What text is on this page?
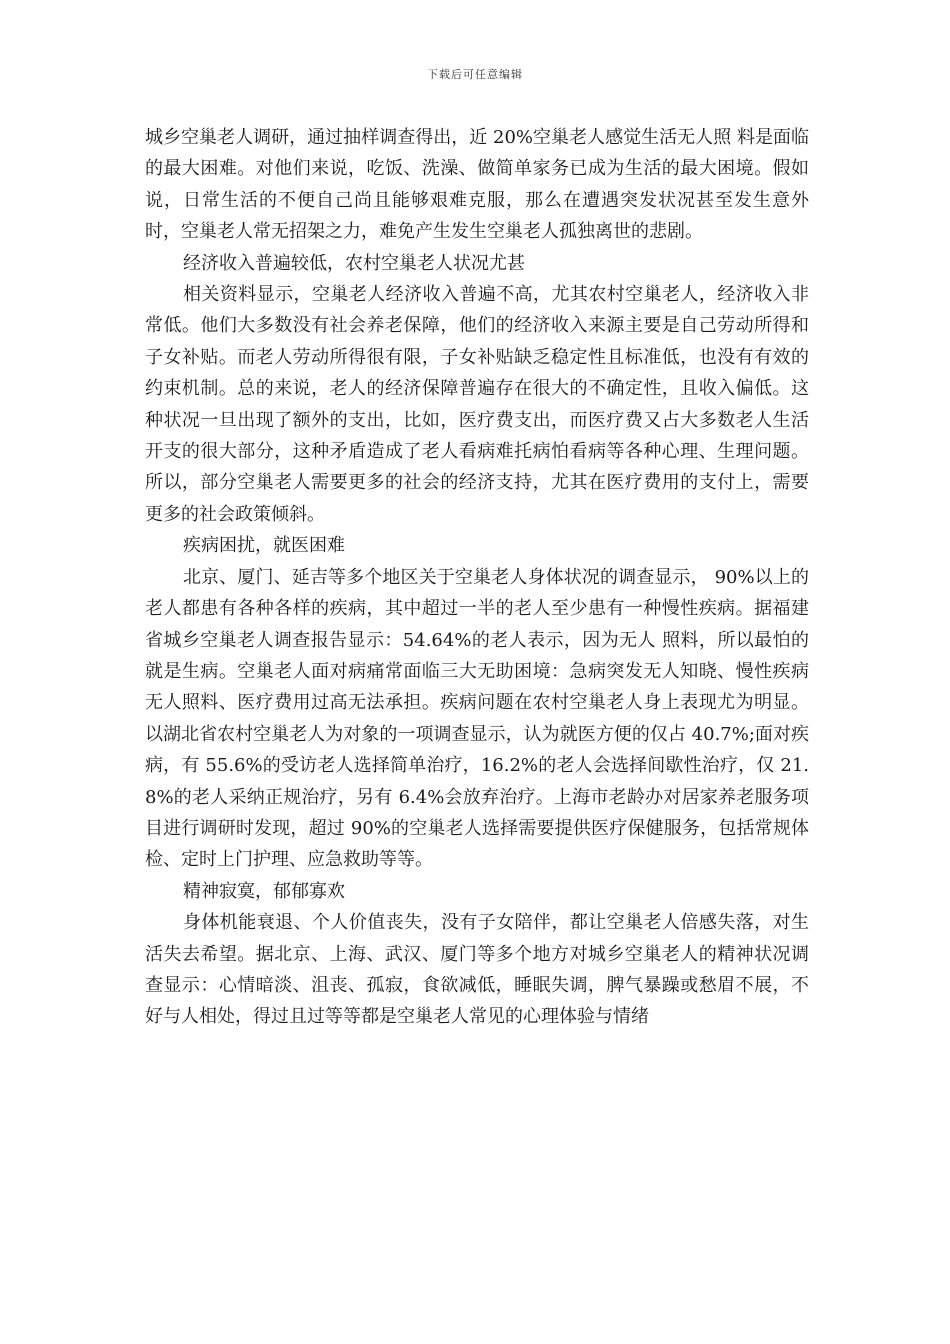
下载后可任意编辑

城乡空巢老人调研，通过抽样调查得出，近 20%空巢老人感觉生活无人照 料是面临的最大困难。对他们来说，吃饭、洗澡、做简单家务已成为生活的最大困境。假如说，日常生活的不便自己尚且能够艰难克服，那么在遭遇突发状况甚至发生意外时，空巢老人常无招架之力，难免产生发生空巢老人孤独离世的悲剧。

经济收入普遍较低，农村空巢老人状况尤甚

相关资料显示，空巢老人经济收入普遍不高，尤其农村空巢老人，经济收入非常低。他们大多数没有社会养老保障，他们的经济收入来源主要是自己劳动所得和子女补贴。而老人劳动所得很有限，子女补贴缺乏稳定性且标准低，也没有有效的约束机制。总的来说，老人的经济保障普遍存在很大的不确定性，且收入偏低。这种状况一旦出现了额外的支出，比如，医疗费支出，而医疗费又占大多数老人生活开支的很大部分，这种矛盾造成了老人看病难托病怕看病等各种心理、生理问题。所以，部分空巢老人需要更多的社会的经济支持，尤其在医疗费用的支付上，需要更多的社会政策倾斜。

疾病困扰，就医困难

北京、厦门、延吉等多个地区关于空巢老人身体状况的调查显示， 90%以上的老人都患有各种各样的疾病，其中超过一半的老人至少患有一种慢性疾病。据福建省城乡空巢老人调查报告显示：54.64%的老人表示，因为无人 照料，所以最怕的就是生病。空巢老人面对病痛常面临三大无助困境：急病突发无人知晓、慢性疾病无人照料、医疗费用过高无法承担。疾病问题在农村空巢老人身上表现尤为明显。以湖北省农村空巢老人为对象的一项调查显示，认为就医方便的仅占 40.7%;面对疾病，有 55.6%的受访老人选择简单治疗，16.2%的老人会选择间歇性治疗，仅 21.8%的老人采纳正规治疗，另有 6.4%会放弃治疗。上海市老龄办对居家养老服务项目进行调研时发现，超过 90%的空巢老人选择需要提供医疗保健服务，包括常规体检、定时上门护理、应急救助等等。

精神寂寞，郁郁寡欢

身体机能衰退、个人价值丧失，没有子女陪伴，都让空巢老人倍感失落，对生活失去希望。据北京、上海、武汉、厦门等多个地方对城乡空巢老人的精神状况调查显示：心情暗淡、沮丧、孤寂，食欲减低，睡眠失调，脾气暴躁或愁眉不展，不好与人相处，得过且过等等都是空巢老人常见的心理体验与情绪
